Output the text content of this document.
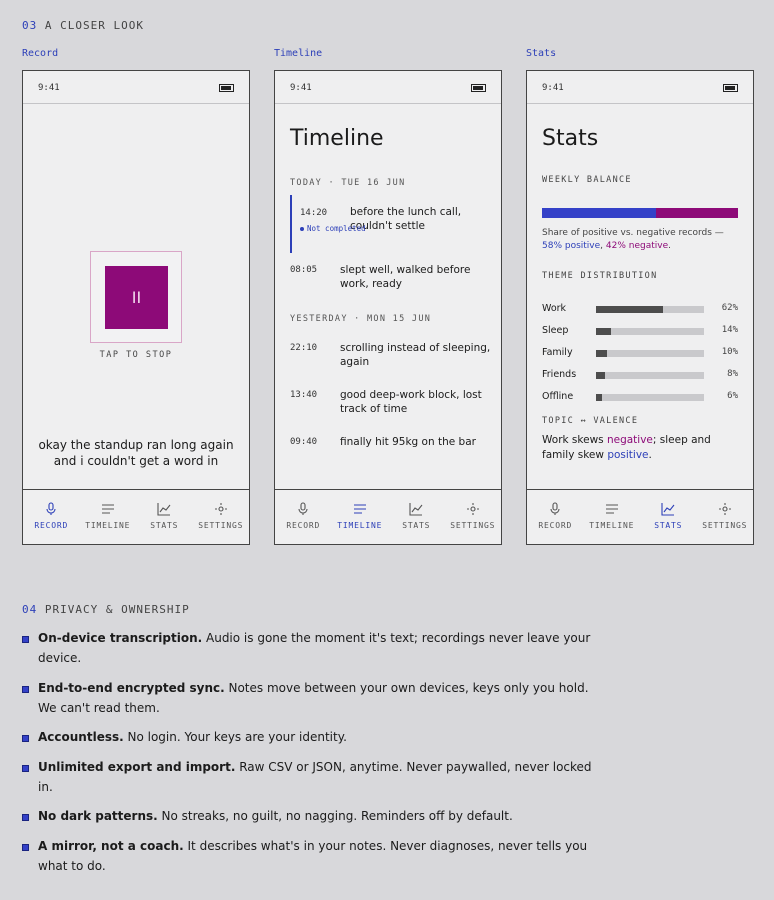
03 A CLOSER LOOK
Record	Timeline	Stats
9:41
II
TAP TO STOP
okay the standup ran long again and i couldn't get a word in
RECORD TIMELINE STATS SETTINGS
9:41
Timeline
TODAY · TUE 16 JUN
14:20 before the lunch call, couldn't settle
Not completed
08:05 slept well, walked before work, ready
YESTERDAY · MON 15 JUN
22:10 scrolling instead of sleeping, again
13:40 good deep-work block, lost track of time
09:40 finally hit 95kg on the bar
RECORD TIMELINE STATS SETTINGS
9:41
Stats
WEEKLY BALANCE
Share of positive vs. negative records — 58% positive, 42% negative.
THEME DISTRIBUTION
Work	62%
Sleep	14%
Family	10%
Friends	8%
Offline	6%
TOPIC ↔ VALENCE
Work skews negative; sleep and family skew positive.
RECORD TIMELINE STATS SETTINGS
04 PRIVACY & OWNERSHIP
On-device transcription. Audio is gone the moment it's text; recordings never leave your device.
End-to-end encrypted sync. Notes move between your own devices, keys only you hold. We can't read them.
Accountless. No login. Your keys are your identity.
Unlimited export and import. Raw CSV or JSON, anytime. Never paywalled, never locked in.
No dark patterns. No streaks, no guilt, no nagging. Reminders off by default.
A mirror, not a coach. It describes what's in your notes. Never diagnoses, never tells you what to do.
